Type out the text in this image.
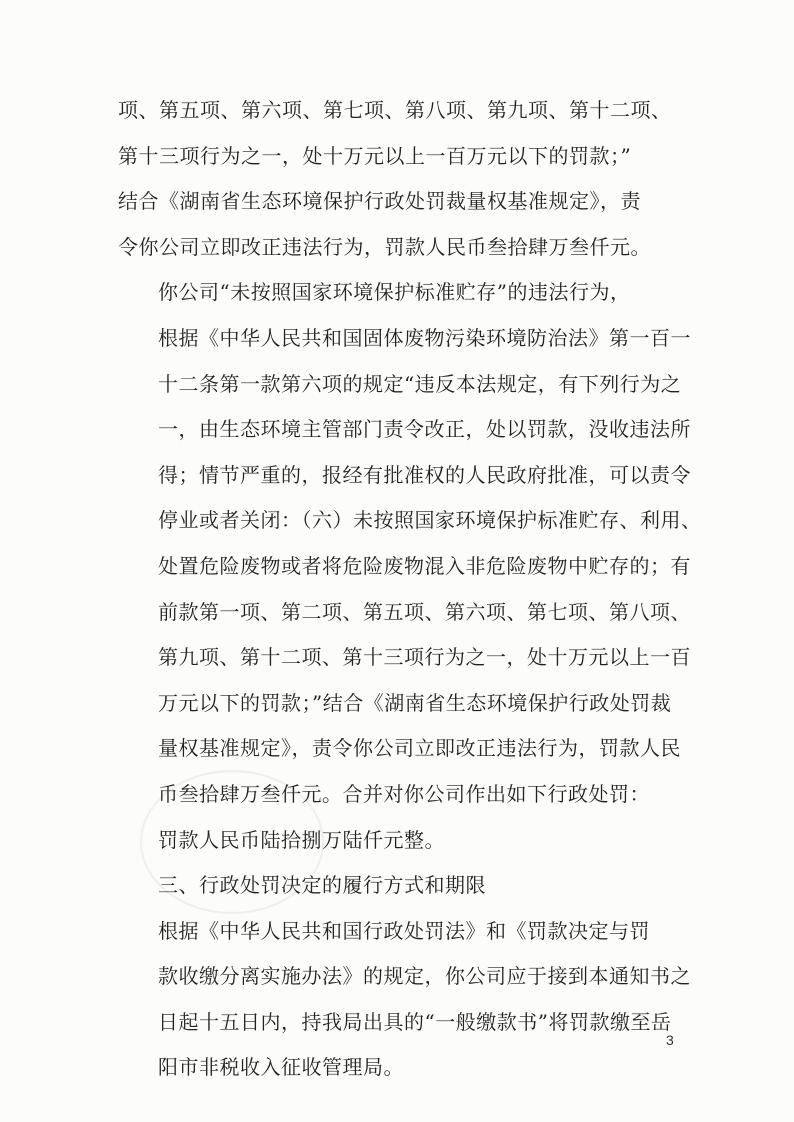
项、第五项、第六项、第七项、第八项、第九项、第十二项、
第十三项行为之一，处十万元以上一百万元以下的罚款；”
结合《湖南省生态环境保护行政处罚裁量权基准规定》，责
令你公司立即改正违法行为，罚款人民币叁拾肆万叁仟元。

你公司“未按照国家环境保护标准贮存”的违法行为，
根据《中华人民共和国固体废物污染环境防治法》第一百一
十二条第一款第六项的规定“违反本法规定，有下列行为之
一，由生态环境主管部门责令改正，处以罚款，没收违法所
得；情节严重的，报经有批准权的人民政府批准，可以责令
停业或者关闭：（六）未按照国家环境保护标准贮存、利用、
处置危险废物或者将危险废物混入非危险废物中贮存的；有
前款第一项、第二项、第五项、第六项、第七项、第八项、
第九项、第十二项、第十三项行为之一，处十万元以上一百
万元以下的罚款；”结合《湖南省生态环境保护行政处罚裁
量权基准规定》，责令你公司立即改正违法行为，罚款人民
币叁拾肆万叁仟元。合并对你公司作出如下行政处罚：

罚款人民币陆拾捌万陆仟元整。

三、行政处罚决定的履行方式和期限

根据《中华人民共和国行政处罚法》和《罚款决定与罚
款收缴分离实施办法》的规定，你公司应于接到本通知书之
日起十五日内，持我局出具的“一般缴款书”将罚款缴至岳
阳市非税收入征收管理局。

3
